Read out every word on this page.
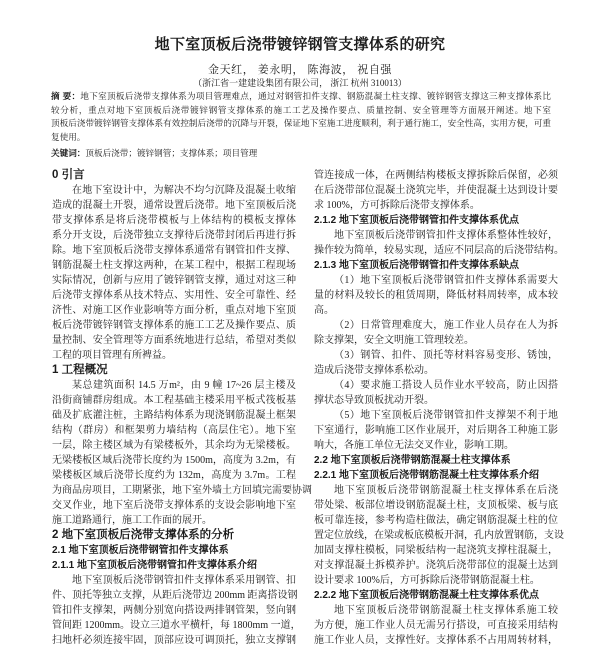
地下室顶板后浇带镀锌钢管支撑体系的研究
金天红， 姜永明， 陈海波， 祝自强
（浙江省一建建设集团有限公司， 浙江 杭州 310013）
摘 要：地下室顶板后浇带支撑体系为项目管理难点，通过对钢管扣件支撑、钢筋混凝土柱支撑、镀锌钢管支撑这三种支撑体系比
较分析，重点对地下室顶板后浇带镀锌钢管支撑体系的施工工艺及操作要点、质量控制、安全管理等方面展开阐述。地下室
顶板后浇带镀锌钢管支撑体系有效控制后浇带的沉降与开裂，保证地下室施工进度顺利，利于通行施工，安全性高，实用方便，可重
复使用。
关键词：顶板后浇带；镀锌钢管；支撑体系；项目管理
0 引言
在地下室设计中，为解决不均匀沉降及混凝土收缩
造成的混凝土开裂，通常设置后浇带。地下室顶板后浇
带支撑体系是将后浇带模板与上体结构的模板支撑体
系分开支设，后浇带独立支撑待后浇带封闭后再进行拆
除。地下室顶板后浇带支撑体系通常有钢管扣件支撑、
钢筋混凝土柱支撑这两种，在某工程中，根据工程现场
实际情况，创新与应用了镀锌钢管支撑，通过对这三种
后浇带支撑体系从技术特点、实用性、安全可靠性、经
济性、对施工区作业影响等方面分析，重点对地下室顶
板后浇带镀锌钢管支撑体系的施工工艺及操作要点、质
量控制、安全管理等方面系统地进行总结，希望对类似
工程的项目管理有所裨益。
1 工程概况
某总建筑面积 14.5 万m²，由 9 幢 17~26 层主楼及
沿街商铺群房组成。本工程基础主楼采用平板式筏板基
础及扩底灌注桩，主路结构体系为现浇钢筋混凝土框架
结构（群房）和框架剪力墙结构（高层住宅）。地下室
一层，除主楼区域为有梁楼板外，其余均为无梁楼板。
无梁楼板区域后浇带长度约为 1500m，高度为 3.2m，有
梁楼板区域后浇带长度约为 132m，高度为 3.7m。工程
为商品房项目，工期紧张，地下室外墙土方回填完需要协调
交叉作业，地下室后浇带支撑体系的支设会影响地下室
施工道路通行，施工工作面的展开。
2 地下室顶板后浇带支撑体系的分析
2.1 地下室顶板后浇带钢管扣件支撑体系
2.1.1 地下室顶板后浇带钢管扣件支撑体系介绍
地下室顶板后浇带钢管扣件支撑体系采用钢管、扣
件、顶托等独立支撑，从距后浇带边 200mm 距离搭设钢
管扣件支撑架，两侧分别宽向搭设两排钢管架，竖向钢
管间距 1200mm。设立三道水平横杆，每 1800mm 一道，
扫地杆必须连接牢固，顶部应设可调顶托，独立支撑钢
管连接成一体，在两侧结构楼板支撑拆除后保留，必须
在后浇带部位混凝土浇筑完毕，并使混凝土达到设计要
求 100%，方可拆除后浇带支撑体系。
2.1.2 地下室顶板后浇带钢管扣件支撑体系优点
地下室顶板后浇带钢管扣件支撑体系整体性较好，
操作较为简单，较易实现，适应不同层高的后浇带结构。
2.1.3 地下室顶板后浇带钢管扣件支撑体系缺点
（1）地下室顶板后浇带钢管扣件支撑体系需要大
量的材料及较长的租赁周期，降低材料周转率，成本较
高。
（2）日常管理难度大，施工作业人员存在人为拆
除支撑架，安全文明施工管理较差。
（3）钢管、扣件、顶托等材料容易变形、锈蚀，
造成后浇带支撑体系松动。
（4）要求施工搭设人员作业水平较高，防止因搭
撑状态导致顶板扰动开裂。
（5）地下室顶板后浇带钢管扣件支撑架不利于地
下室通行，影响施工区作业展开，对后期各工种施工影
响大，各施工单位无法交叉作业，影响工期。
2.2 地下室顶板后浇带钢筋混凝土柱支撑体系
2.2.1 地下室顶板后浇带钢筋混凝土柱支撑体系介绍
地下室顶板后浇带钢筋混凝土柱支撑体系在后浇
带处梁、板部位增设钢筋混凝土柱，支顶板梁、板与底
板可靠连接，参考构造柱做法，确定钢筋混凝土柱的位
置定位放线，在梁或板底模板开洞，孔内放置钢筋，支设
加固支撑柱模板，同梁板结构一起浇筑支撑柱混凝土，
对支撑混凝土拆模养护。浇筑后浇带部位的混凝土达到
设计要求 100%后，方可拆除后浇带钢筋混凝土柱。
2.2.2 地下室顶板后浇带钢筋混凝土柱支撑体系优点
地下室顶板后浇带钢筋混凝土柱支撑体系施工较
为方便，施工作业人员无需另行搭设，可直接采用结构
施工作业人员，支撑性好。支撑体系不占用周转材料，
